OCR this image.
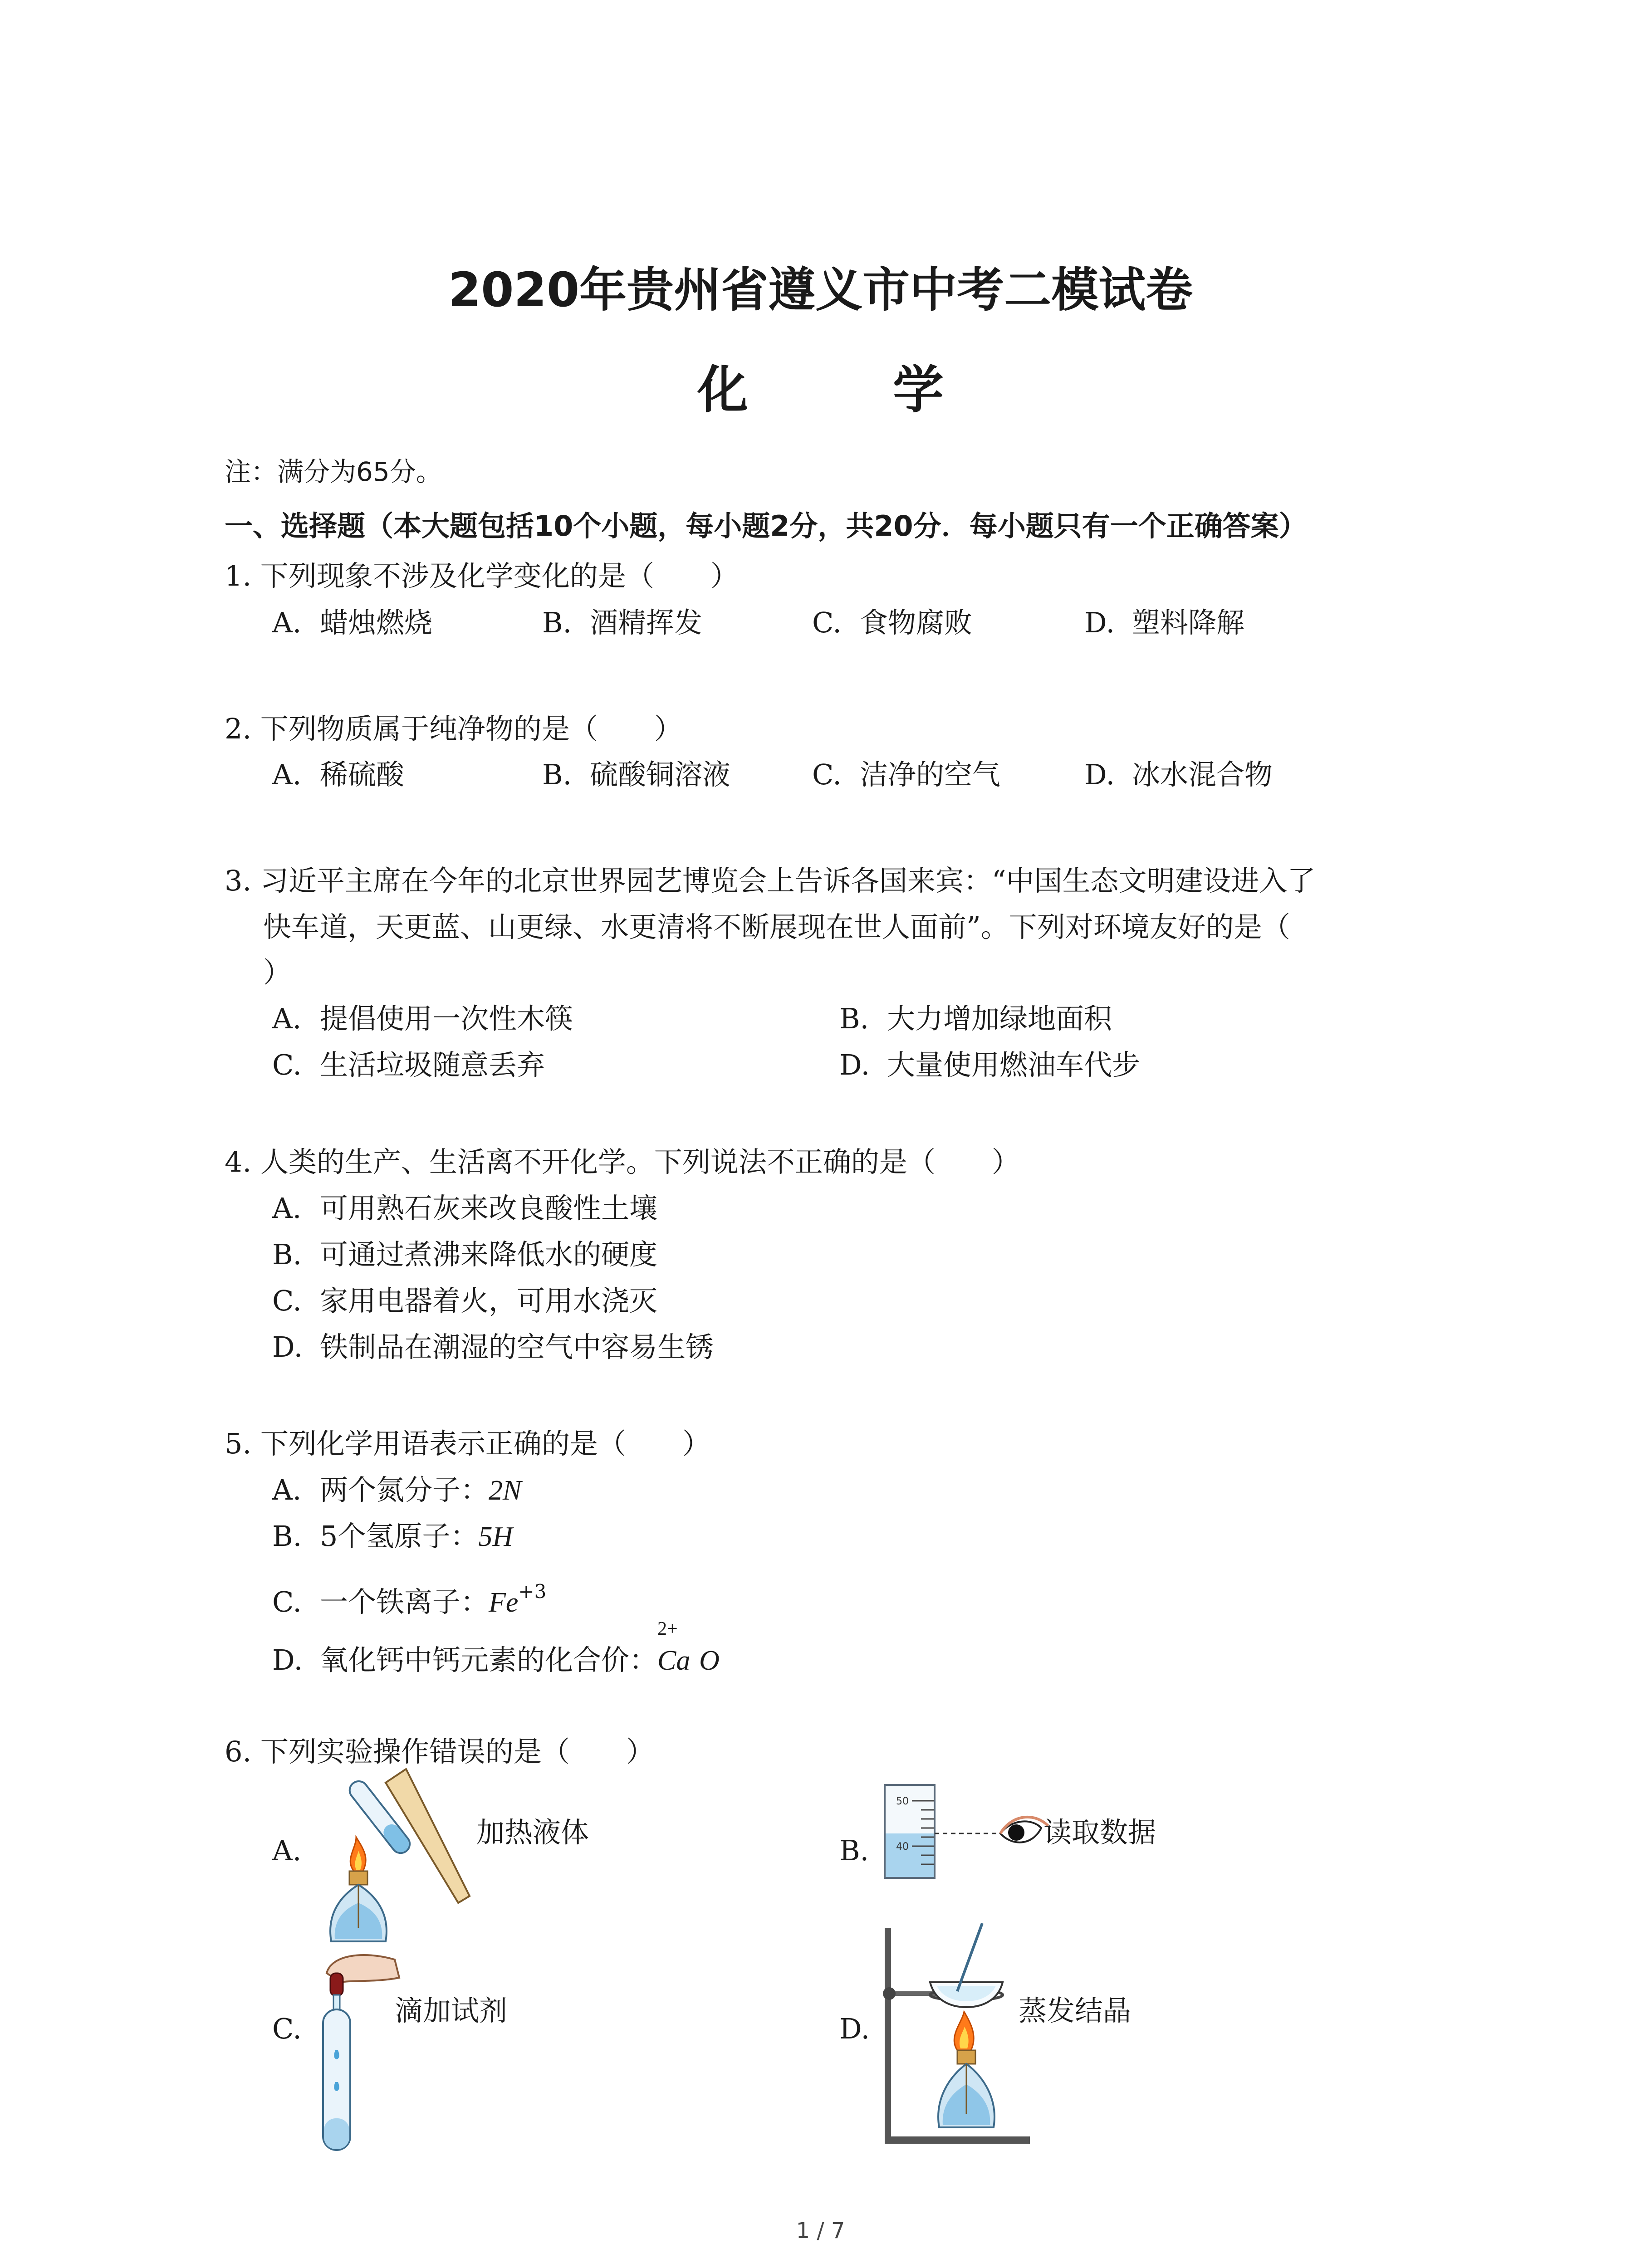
2020年贵州省遵义市中考二模试卷
化 学
注：满分为65分。
一、选择题（本大题包括10个小题，每小题2分，共20分．每小题只有一个正确答案）
1. 下列现象不涉及化学变化的是（　　）
A. 蜡烛燃烧	B. 酒精挥发	C. 食物腐败	D. 塑料降解
2. 下列物质属于纯净物的是（　　）
A. 稀硫酸	B. 硫酸铜溶液	C. 洁净的空气	D. 冰水混合物
3. 习近平主席在今年的北京世界园艺博览会上告诉各国来宾：“中国生态文明建设进入了
快车道，天更蓝、山更绿、水更清将不断展现在世人面前”。下列对环境友好的是（
）
A. 提倡使用一次性木筷	B. 大力增加绿地面积
C. 生活垃圾随意丢弃	D. 大量使用燃油车代步
4. 人类的生产、生活离不开化学。下列说法不正确的是（　　）
A. 可用熟石灰来改良酸性土壤
B. 可通过煮沸来降低水的硬度
C. 家用电器着火，可用水浇灭
D. 铁制品在潮湿的空气中容易生锈
5. 下列化学用语表示正确的是（　　）
A. 两个氮分子：2N
B. 5个氢原子：5H
C. 一个铁离子：$Fe^{+3}$
D. 氧化钙中钙元素的化合价：
2+
Ca O
6. 下列实验操作错误的是（　　）
A.
加热液体
B.
50
40	读取数据
C.
滴加试剂
D.
蒸发结晶
1 / 7
